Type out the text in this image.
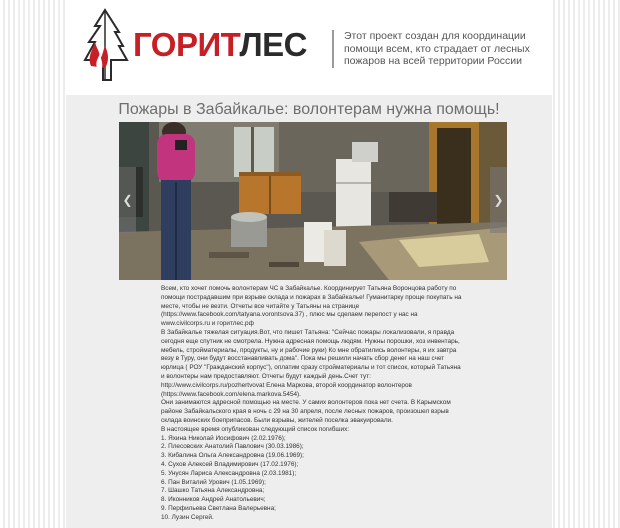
ГОРИТЛЕС	Этот проект создан для координации помощи всем, кто страдает от лесных пожаров на всей территории России
Пожары в Забайкалье: волонтерам нужна помощь!
❮	❯

Всем, кто хочет помочь волонтерам ЧС в Забайкалье. Координирует Татьяна Воронцова работу по помощи пострадавшим при взрыве склада и пожарах в Забайкалье! Гуманитарку проще покупать на месте, чтобы не везти. Отчеты все читайте у Татьяны на странице (https://www.facebook.com/tatyana.vorontsova.37) , плюс мы сделаем перепост у нас на www.civilcorps.ru и горитлес.рф

В Забайкалье тяжелая ситуация.Вот, что пишет Татьяна: "Сейчас пожары локализовали, я правда сегодня еще спутник не смотрела. Нужна адресная помощь людям. Нужны порошки, хоз инвентарь, мебель, стройматериалы, продукты, ну и рабочие руки) Ко мне обратились волонтеры, я их завтра везу в Туру, они будут восстанавливать дома". Пока мы решили начать сбор денег на наш счет юрлица ( РОУ "Гражданский корпус"), оплатим сразу стройматериалы и тот список, который Татьяна и волонтеры нам предоставляют. Отчеты будут каждый день.Счет тут: http://www.civilcorps.ru/pozhertvovat Елена Маркова, второй координатор волонтеров (https://www.facebook.com/elena.markova.5454).

Они занимаются адресной помощью на месте. У самих волонтеров пока нет счета. В Карымском районе Забайкальского края в ночь с 29 на 30 апреля, после лесных пожаров, произошел взрыв склада воинских боеприпасов. Были взрывы, жителей поселка эвакуировали.

В настоящее время опубликован следующий список погибших:

1. Яхина Николай Иосифович (2.02.1976);
2. Плесовских Анатолий Павлович (30.03.1986);
3. Кибалина Ольга Александровна (19.06.1969);
4. Сухов Алексей Владимирович (17.02.1976);
5. Унусян Лариса Александровна (2.03.1981);
6. Пан Виталий Урович (1.05.1969);
7. Шашко Татьяна Александровна;
8. Иконников Андрей Анатольевич;
9. Перфильева Светлана Валерьевна;
10. Лузин Сергей.
